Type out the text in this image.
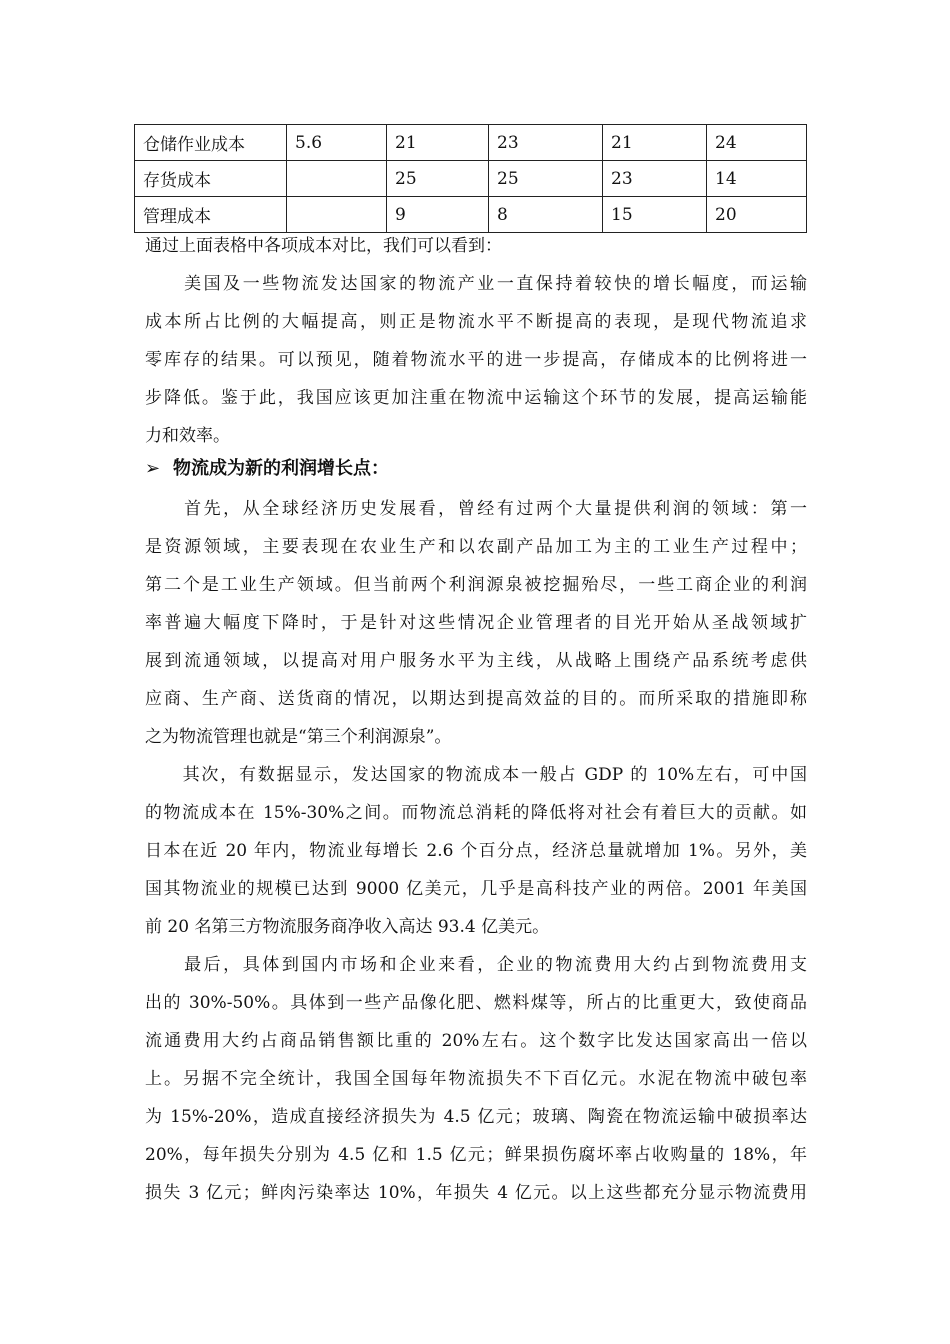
仓储作业成本	5.6	21	23	21	24
存货成本		25	25	23	14
管理成本		9	8	15	20
通过上面表格中各项成本对比，我们可以看到：
　　美国及一些物流发达国家的物流产业一直保持着较快的增长幅度，而运输
成本所占比例的大幅提高，则正是物流水平不断提高的表现，是现代物流追求
零库存的结果。可以预见，随着物流水平的进一步提高，存储成本的比例将进一
步降低。鉴于此，我国应该更加注重在物流中运输这个环节的发展，提高运输能
力和效率。
➢ 物流成为新的利润增长点：
　　首先，从全球经济历史发展看，曾经有过两个大量提供利润的领域：第一
是资源领域，主要表现在农业生产和以农副产品加工为主的工业生产过程中；
第二个是工业生产领域。但当前两个利润源泉被挖掘殆尽，一些工商企业的利润
率普遍大幅度下降时，于是针对这些情况企业管理者的目光开始从圣战领域扩
展到流通领域，以提高对用户服务水平为主线，从战略上围绕产品系统考虑供
应商、生产商、送货商的情况，以期达到提高效益的目的。而所采取的措施即称
之为物流管理也就是“第三个利润源泉”。
　　其次，有数据显示，发达国家的物流成本一般占 GDP 的 10%左右，可中国
的物流成本在 15%-30%之间。而物流总消耗的降低将对社会有着巨大的贡献。如
日本在近 20 年内，物流业每增长 2.6 个百分点，经济总量就增加 1%。另外，美
国其物流业的规模已达到 9000 亿美元，几乎是高科技产业的两倍。2001 年美国
前 20 名第三方物流服务商净收入高达 93.4 亿美元。
　　最后，具体到国内市场和企业来看，企业的物流费用大约占到物流费用支
出的 30%-50%。具体到一些产品像化肥、燃料煤等，所占的比重更大，致使商品
流通费用大约占商品销售额比重的 20%左右。这个数字比发达国家高出一倍以
上。另据不完全统计，我国全国每年物流损失不下百亿元。水泥在物流中破包率
为 15%-20%，造成直接经济损失为 4.5 亿元；玻璃、陶瓷在物流运输中破损率达
20%，每年损失分别为 4.5 亿和 1.5 亿元；鲜果损伤腐坏率占收购量的 18%，年
损失 3 亿元；鲜肉污染率达 10%，年损失 4 亿元。以上这些都充分显示物流费用
